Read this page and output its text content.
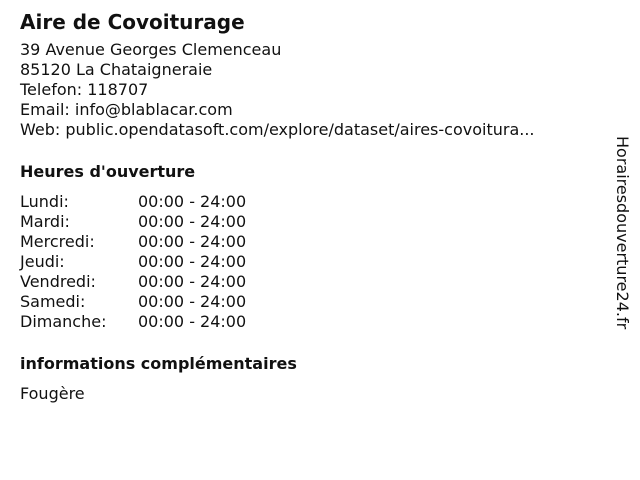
Aire de Covoiturage
39 Avenue Georges Clemenceau
85120 La Chataigneraie
Telefon: 118707
Email: info@blablacar.com
Web:
public.opendatasoft.com/explore/dataset/aires-covoitura...
Heures d'ouverture
Lundi:	00:00 - 24:00
Mardi:	00:00 - 24:00
Mercredi:	00:00 - 24:00
Jeudi:	00:00 - 24:00
Vendredi:	00:00 - 24:00
Samedi:	00:00 - 24:00
Dimanche:	00:00 - 24:00
informations complémentaires
Fougère
Horairesdouverture24.fr
